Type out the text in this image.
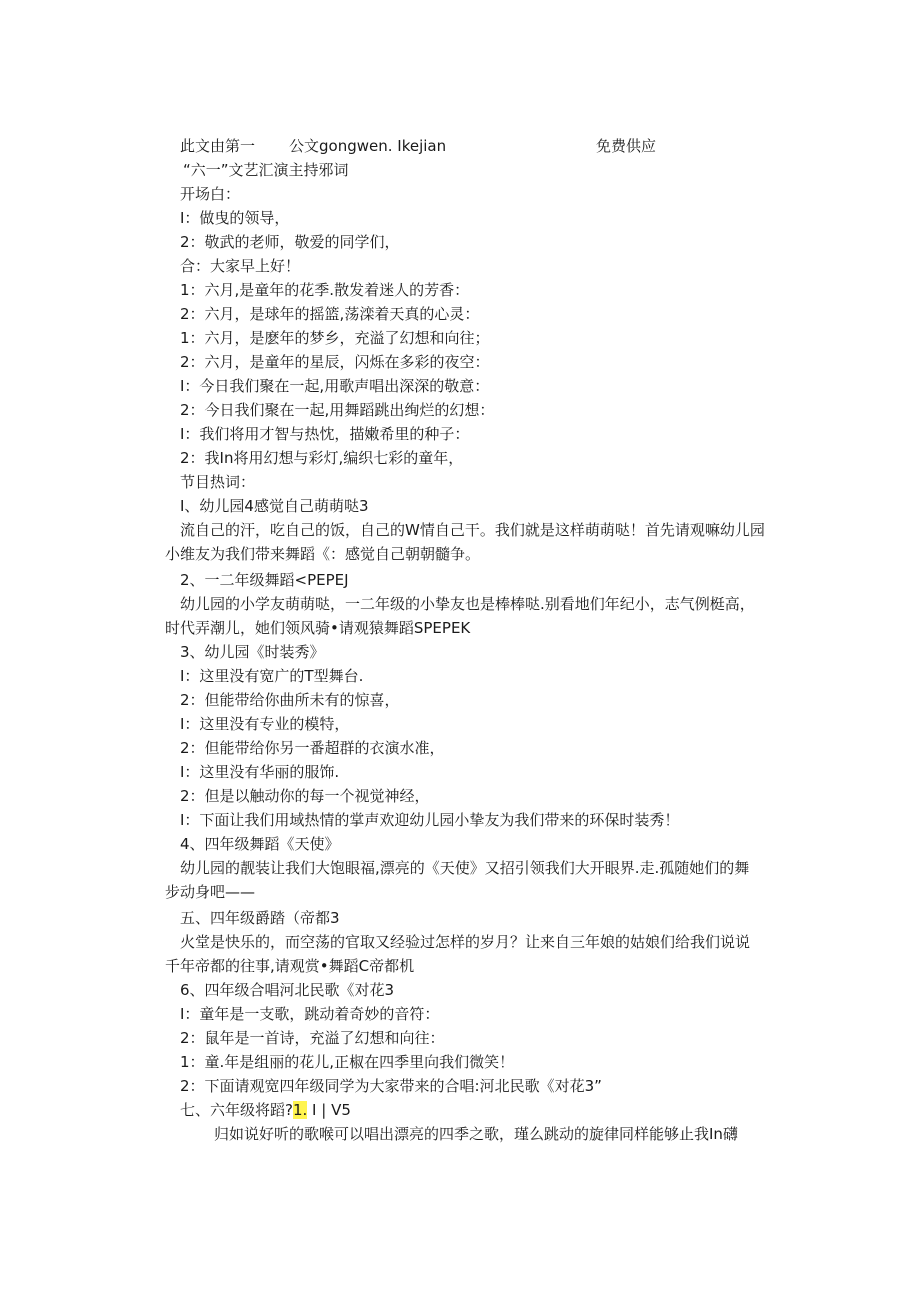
此文由第一 公文gongwen. Ikejian	免费供应
“六一”文艺汇演主持邪词
开场白：
I：做曳的领导，
2：敬武的老师，敬爱的同学们，
合：大家早上好！
1：六月,是童年的花季.散发着迷人的芳香：
2：六月，是球年的摇篮,荡滦着天真的心灵：
1：六月，是麽年的梦乡，充溢了幻想和向往；
2：六月，是童年的星辰，闪烁在多彩的夜空：
I：今日我们聚在一起,用歌声唱出深深的敬意：
2：今日我们聚在一起,用舞蹈跳出绚烂的幻想：
I：我们将用才智与热忱，描嫩希里的种子：
2：我In将用幻想与彩灯,编织七彩的童年，
节目热词：
I、幼儿园4感觉自己萌萌哒3
流自己的汗，吃自己的饭，自己的W情自己干。我们就是这样萌萌哒！首先请观嘛幼儿园
小维友为我们带来舞蹈《：感觉自己朝朝髓争。
2、一二年级舞蹈<PEPEJ
幼儿园的小学友萌萌哒，一二年级的小挚友也是棒棒哒.别看地们年纪小，志气例梃高，
时代弄潮儿，她们领风骑•请观猿舞蹈SPEPEK
3、幼儿园《时装秀》
I：这里没有宽广的T型舞台.
2：但能带给你曲所未有的惊喜，
I：这里没有专业的模特，
2：但能带给你另一番超群的衣演水准，
I：这里没有华丽的服饰.
2：但是以触动你的每一个视觉神经，
I：下面让我们用域热情的掌声欢迎幼儿园小挚友为我们带来的环保时装秀！
4、四年级舞蹈《天使》
幼儿园的靓装让我们大饱眼福,漂亮的《天使》又招引领我们大开眼界.走.孤随她们的舞
步动身吧——
五、四年级爵踏（帝都3
火堂是快乐的，而空荡的官取又经验过怎样的岁月？让来自三年娘的姑娘们给我们说说
千年帝都的往事,请观赏•舞蹈C帝都机
6、四年级合唱河北民歌《对花3
I：童年是一支歌，跳动着奇妙的音符：
2：鼠年是一首诗，充溢了幻想和向往：
1：童.年是组丽的花儿,正椒在四季里向我们微笑！
2：下面请观宽四年级同学为大家带来的合唱:河北民歌《对花3”
七、六年级将蹈?1. I | V5
归如说好听的歌喉可以唱出漂亮的四季之歌，瑾么跳动的旋律同样能够止我In礴
